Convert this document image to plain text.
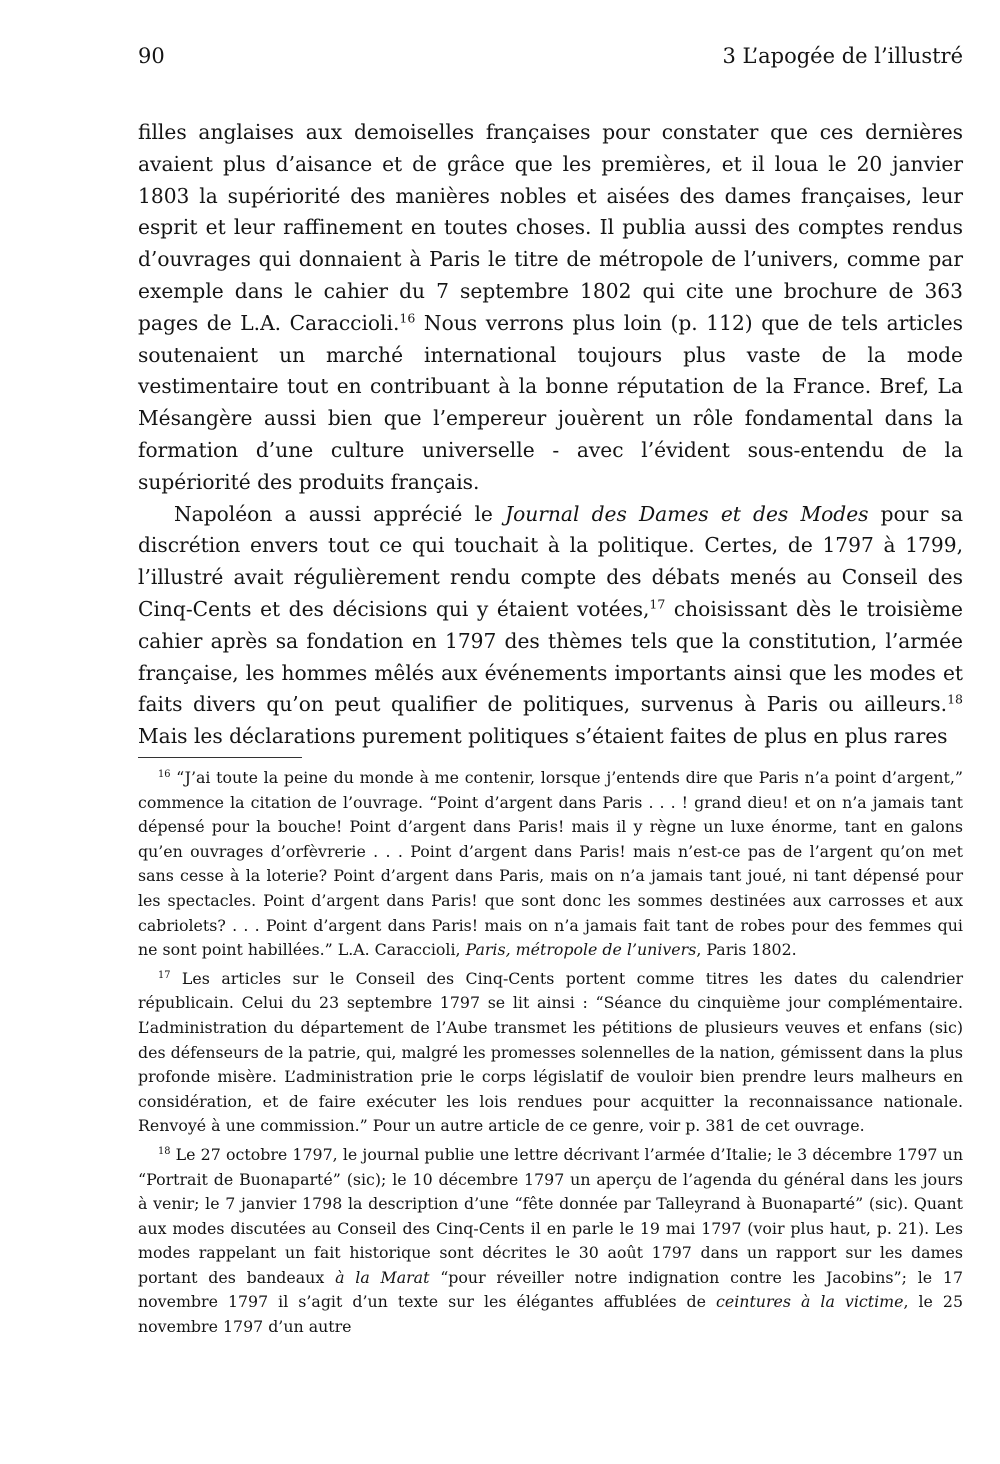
90	3 L’apogée de l’illustré

filles anglaises aux demoiselles françaises pour constater que ces dernières avaient plus d’aisance et de grâce que les premières, et il loua le 20 janvier 1803 la supériorité des manières nobles et aisées des dames françaises, leur esprit et leur raffinement en toutes choses. Il publia aussi des comptes rendus d’ouvrages qui donnaient à Paris le titre de métropole de l’univers, comme par exemple dans le cahier du 7 septembre 1802 qui cite une brochure de 363 pages de L.A. Caraccioli.$^{16}$ Nous verrons plus loin (p. 112) que de tels articles soutenaient un marché international toujours plus vaste de la mode vestimentaire tout en contribuant à la bonne réputation de la France. Bref, La Mésangère aussi bien que l’empereur jouèrent un rôle fondamental dans la formation d’une culture universelle - avec l’évident sous-entendu de la supériorité des produits français.

Napoléon a aussi apprécié le Journal des Dames et des Modes pour sa discrétion envers tout ce qui touchait à la politique. Certes, de 1797 à 1799, l’illustré avait régulièrement rendu compte des débats menés au Conseil des Cinq-Cents et des décisions qui y étaient votées,$^{17}$ choisissant dès le troisième cahier après sa fondation en 1797 des thèmes tels que la constitution, l’armée française, les hommes mêlés aux événements importants ainsi que les modes et faits divers qu’on peut qualifier de politiques, survenus à Paris ou ailleurs.$^{18}$ Mais les déclarations purement politiques s’étaient faites de plus en plus rares

$^{16}$ “J’ai toute la peine du monde à me contenir, lorsque j’entends dire que Paris n’a point d’argent,” commence la citation de l’ouvrage. “Point d’argent dans Paris . . . ! grand dieu! et on n’a jamais tant dépensé pour la bouche! Point d’argent dans Paris! mais il y règne un luxe énorme, tant en galons qu’en ouvrages d’orfèvrerie . . . Point d’argent dans Paris! mais n’est-ce pas de l’argent qu’on met sans cesse à la loterie? Point d’argent dans Paris, mais on n’a jamais tant joué, ni tant dépensé pour les spectacles. Point d’argent dans Paris! que sont donc les sommes destinées aux carrosses et aux cabriolets? . . . Point d’argent dans Paris! mais on n’a jamais fait tant de robes pour des femmes qui ne sont point habillées.” L.A. Caraccioli, Paris, métropole de l’univers, Paris 1802.

$^{17}$ Les articles sur le Conseil des Cinq-Cents portent comme titres les dates du calendrier républicain. Celui du 23 septembre 1797 se lit ainsi : “Séance du cinquième jour complémentaire. L’administration du département de l’Aube transmet les pétitions de plusieurs veuves et enfans (sic) des défenseurs de la patrie, qui, malgré les promesses solennelles de la nation, gémissent dans la plus profonde misère. L’administration prie le corps législatif de vouloir bien prendre leurs malheurs en considération, et de faire exécuter les lois rendues pour acquitter la reconnaissance nationale. Renvoyé à une commission.” Pour un autre article de ce genre, voir p. 381 de cet ouvrage.

$^{18}$ Le 27 octobre 1797, le journal publie une lettre décrivant l’armée d’Italie; le 3 décembre 1797 un “Portrait de Buonaparté” (sic); le 10 décembre 1797 un aperçu de l’agenda du général dans les jours à venir; le 7 janvier 1798 la description d’une “fête donnée par Talleyrand à Buonaparté” (sic). Quant aux modes discutées au Conseil des Cinq-Cents il en parle le 19 mai 1797 (voir plus haut, p. 21). Les modes rappelant un fait historique sont décrites le 30 août 1797 dans un rapport sur les dames portant des bandeaux à la Marat “pour réveiller notre indignation contre les Jacobins”; le 17 novembre 1797 il s’agit d’un texte sur les élégantes affublées de ceintures à la victime, le 25 novembre 1797 d’un autre
